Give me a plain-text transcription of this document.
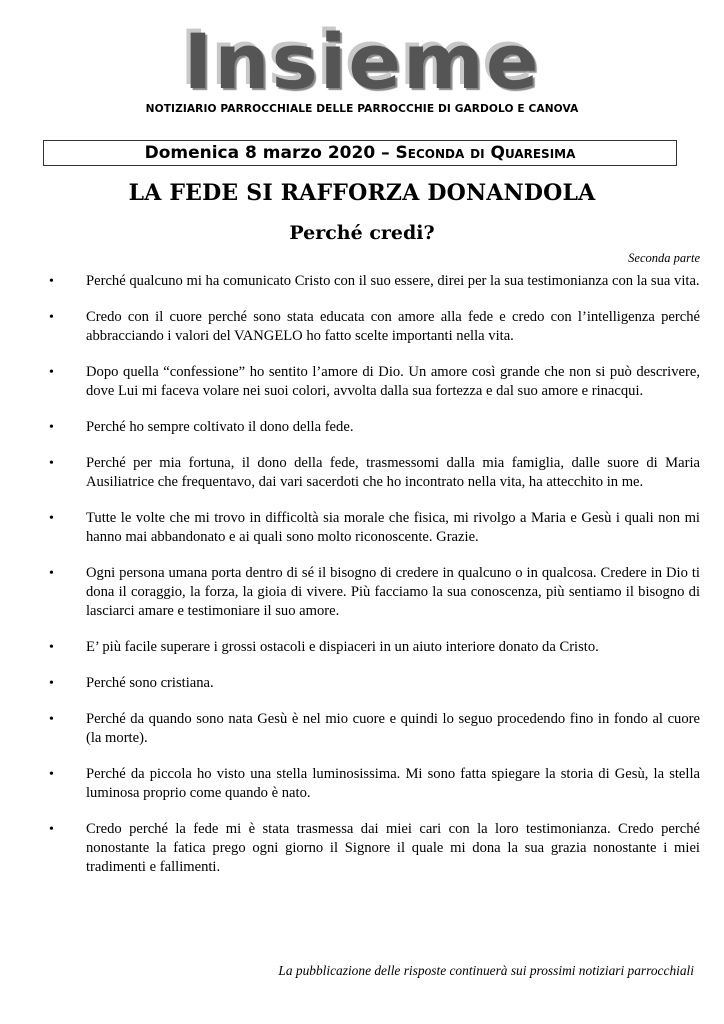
Insieme
NOTIZIARIO PARROCCHIALE DELLE PARROCCHIE DI GARDOLO E CANOVA
Domenica 8 marzo 2020 – Seconda di Quaresima
LA FEDE SI RAFFORZA DONANDOLA
Perché credi?
Seconda parte
• Perché qualcuno mi ha comunicato Cristo con il suo essere, direi per la sua testimonianza con la sua vita.
• Credo con il cuore perché sono stata educata con amore alla fede e credo con l’intelligenza perché abbracciando i valori del VANGELO ho fatto scelte importanti nella vita.
• Dopo quella “confessione” ho sentito l’amore di Dio. Un amore così grande che non si può descrivere, dove Lui mi faceva volare nei suoi colori, avvolta dalla sua fortezza e dal suo amore e rinacqui.
• Perché ho sempre coltivato il dono della fede.
• Perché per mia fortuna, il dono della fede, trasmessomi dalla mia famiglia, dalle suore di Maria Ausiliatrice che frequentavo, dai vari sacerdoti che ho incontrato nella vita, ha attecchito in me.
• Tutte le volte che mi trovo in difficoltà sia morale che fisica, mi rivolgo a Maria e Gesù i quali non mi hanno mai abbandonato e ai quali sono molto riconoscente. Grazie.
• Ogni persona umana porta dentro di sé il bisogno di credere in qualcuno o in qualcosa. Credere in Dio ti dona il coraggio, la forza, la gioia di vivere. Più facciamo la sua conoscenza, più sentiamo il bisogno di lasciarci amare e testimoniare il suo amore.
• E’ più facile superare i grossi ostacoli e dispiaceri in un aiuto interiore donato da Cristo.
• Perché sono cristiana.
• Perché da quando sono nata Gesù è nel mio cuore e quindi lo seguo procedendo fino in fondo al cuore (la morte).
• Perché da piccola ho visto una stella luminosissima. Mi sono fatta spiegare la storia di Gesù, la stella luminosa proprio come quando è nato.
• Credo perché la fede mi è stata trasmessa dai miei cari con la loro testimonianza. Credo perché nonostante la fatica prego ogni giorno il Signore il quale mi dona la sua grazia nonostante i miei tradimenti e fallimenti.
La pubblicazione delle risposte continuerà sui prossimi notiziari parrocchiali
